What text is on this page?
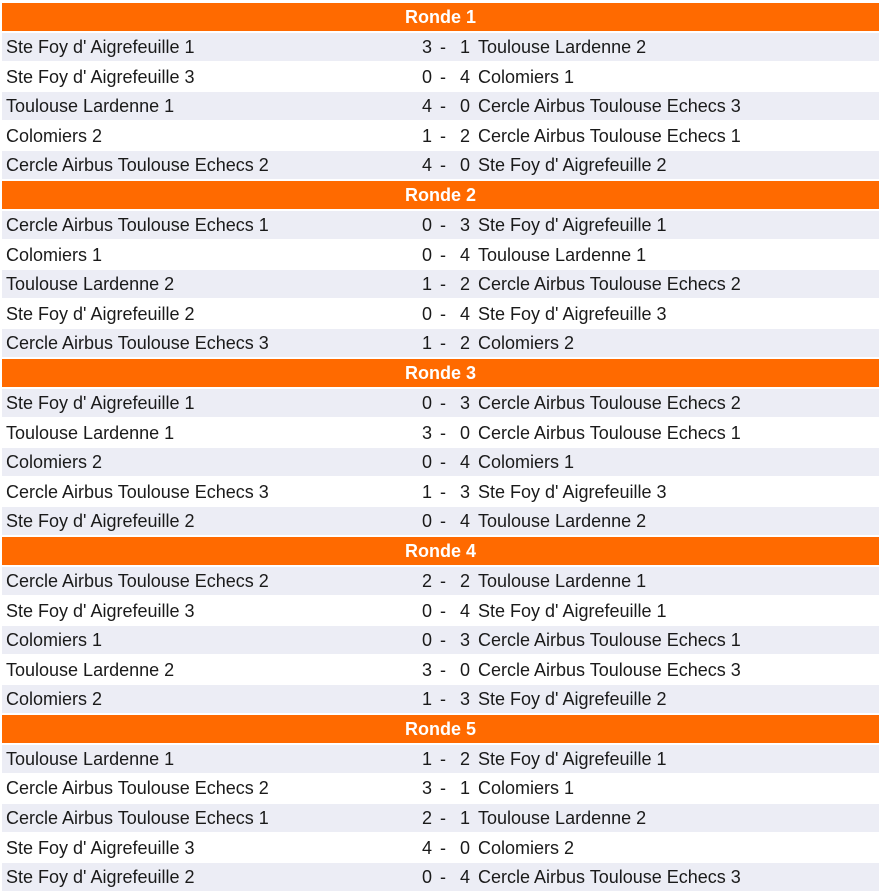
Ronde 1
Ste Foy d' Aigrefeuille 1	3 - 1 Toulouse Lardenne 2
Ste Foy d' Aigrefeuille 3	0 - 4 Colomiers 1
Toulouse Lardenne 1	4 - 0 Cercle Airbus Toulouse Echecs 3
Colomiers 2	1 - 2 Cercle Airbus Toulouse Echecs 1
Cercle Airbus Toulouse Echecs 2	4 - 0 Ste Foy d' Aigrefeuille 2
Ronde 2
Cercle Airbus Toulouse Echecs 1	0 - 3 Ste Foy d' Aigrefeuille 1
Colomiers 1	0 - 4 Toulouse Lardenne 1
Toulouse Lardenne 2	1 - 2 Cercle Airbus Toulouse Echecs 2
Ste Foy d' Aigrefeuille 2	0 - 4 Ste Foy d' Aigrefeuille 3
Cercle Airbus Toulouse Echecs 3	1 - 2 Colomiers 2
Ronde 3
Ste Foy d' Aigrefeuille 1	0 - 3 Cercle Airbus Toulouse Echecs 2
Toulouse Lardenne 1	3 - 0 Cercle Airbus Toulouse Echecs 1
Colomiers 2	0 - 4 Colomiers 1
Cercle Airbus Toulouse Echecs 3	1 - 3 Ste Foy d' Aigrefeuille 3
Ste Foy d' Aigrefeuille 2	0 - 4 Toulouse Lardenne 2
Ronde 4
Cercle Airbus Toulouse Echecs 2	2 - 2 Toulouse Lardenne 1
Ste Foy d' Aigrefeuille 3	0 - 4 Ste Foy d' Aigrefeuille 1
Colomiers 1	0 - 3 Cercle Airbus Toulouse Echecs 1
Toulouse Lardenne 2	3 - 0 Cercle Airbus Toulouse Echecs 3
Colomiers 2	1 - 3 Ste Foy d' Aigrefeuille 2
Ronde 5
Toulouse Lardenne 1	1 - 2 Ste Foy d' Aigrefeuille 1
Cercle Airbus Toulouse Echecs 2	3 - 1 Colomiers 1
Cercle Airbus Toulouse Echecs 1	2 - 1 Toulouse Lardenne 2
Ste Foy d' Aigrefeuille 3	4 - 0 Colomiers 2
Ste Foy d' Aigrefeuille 2	0 - 4 Cercle Airbus Toulouse Echecs 3
